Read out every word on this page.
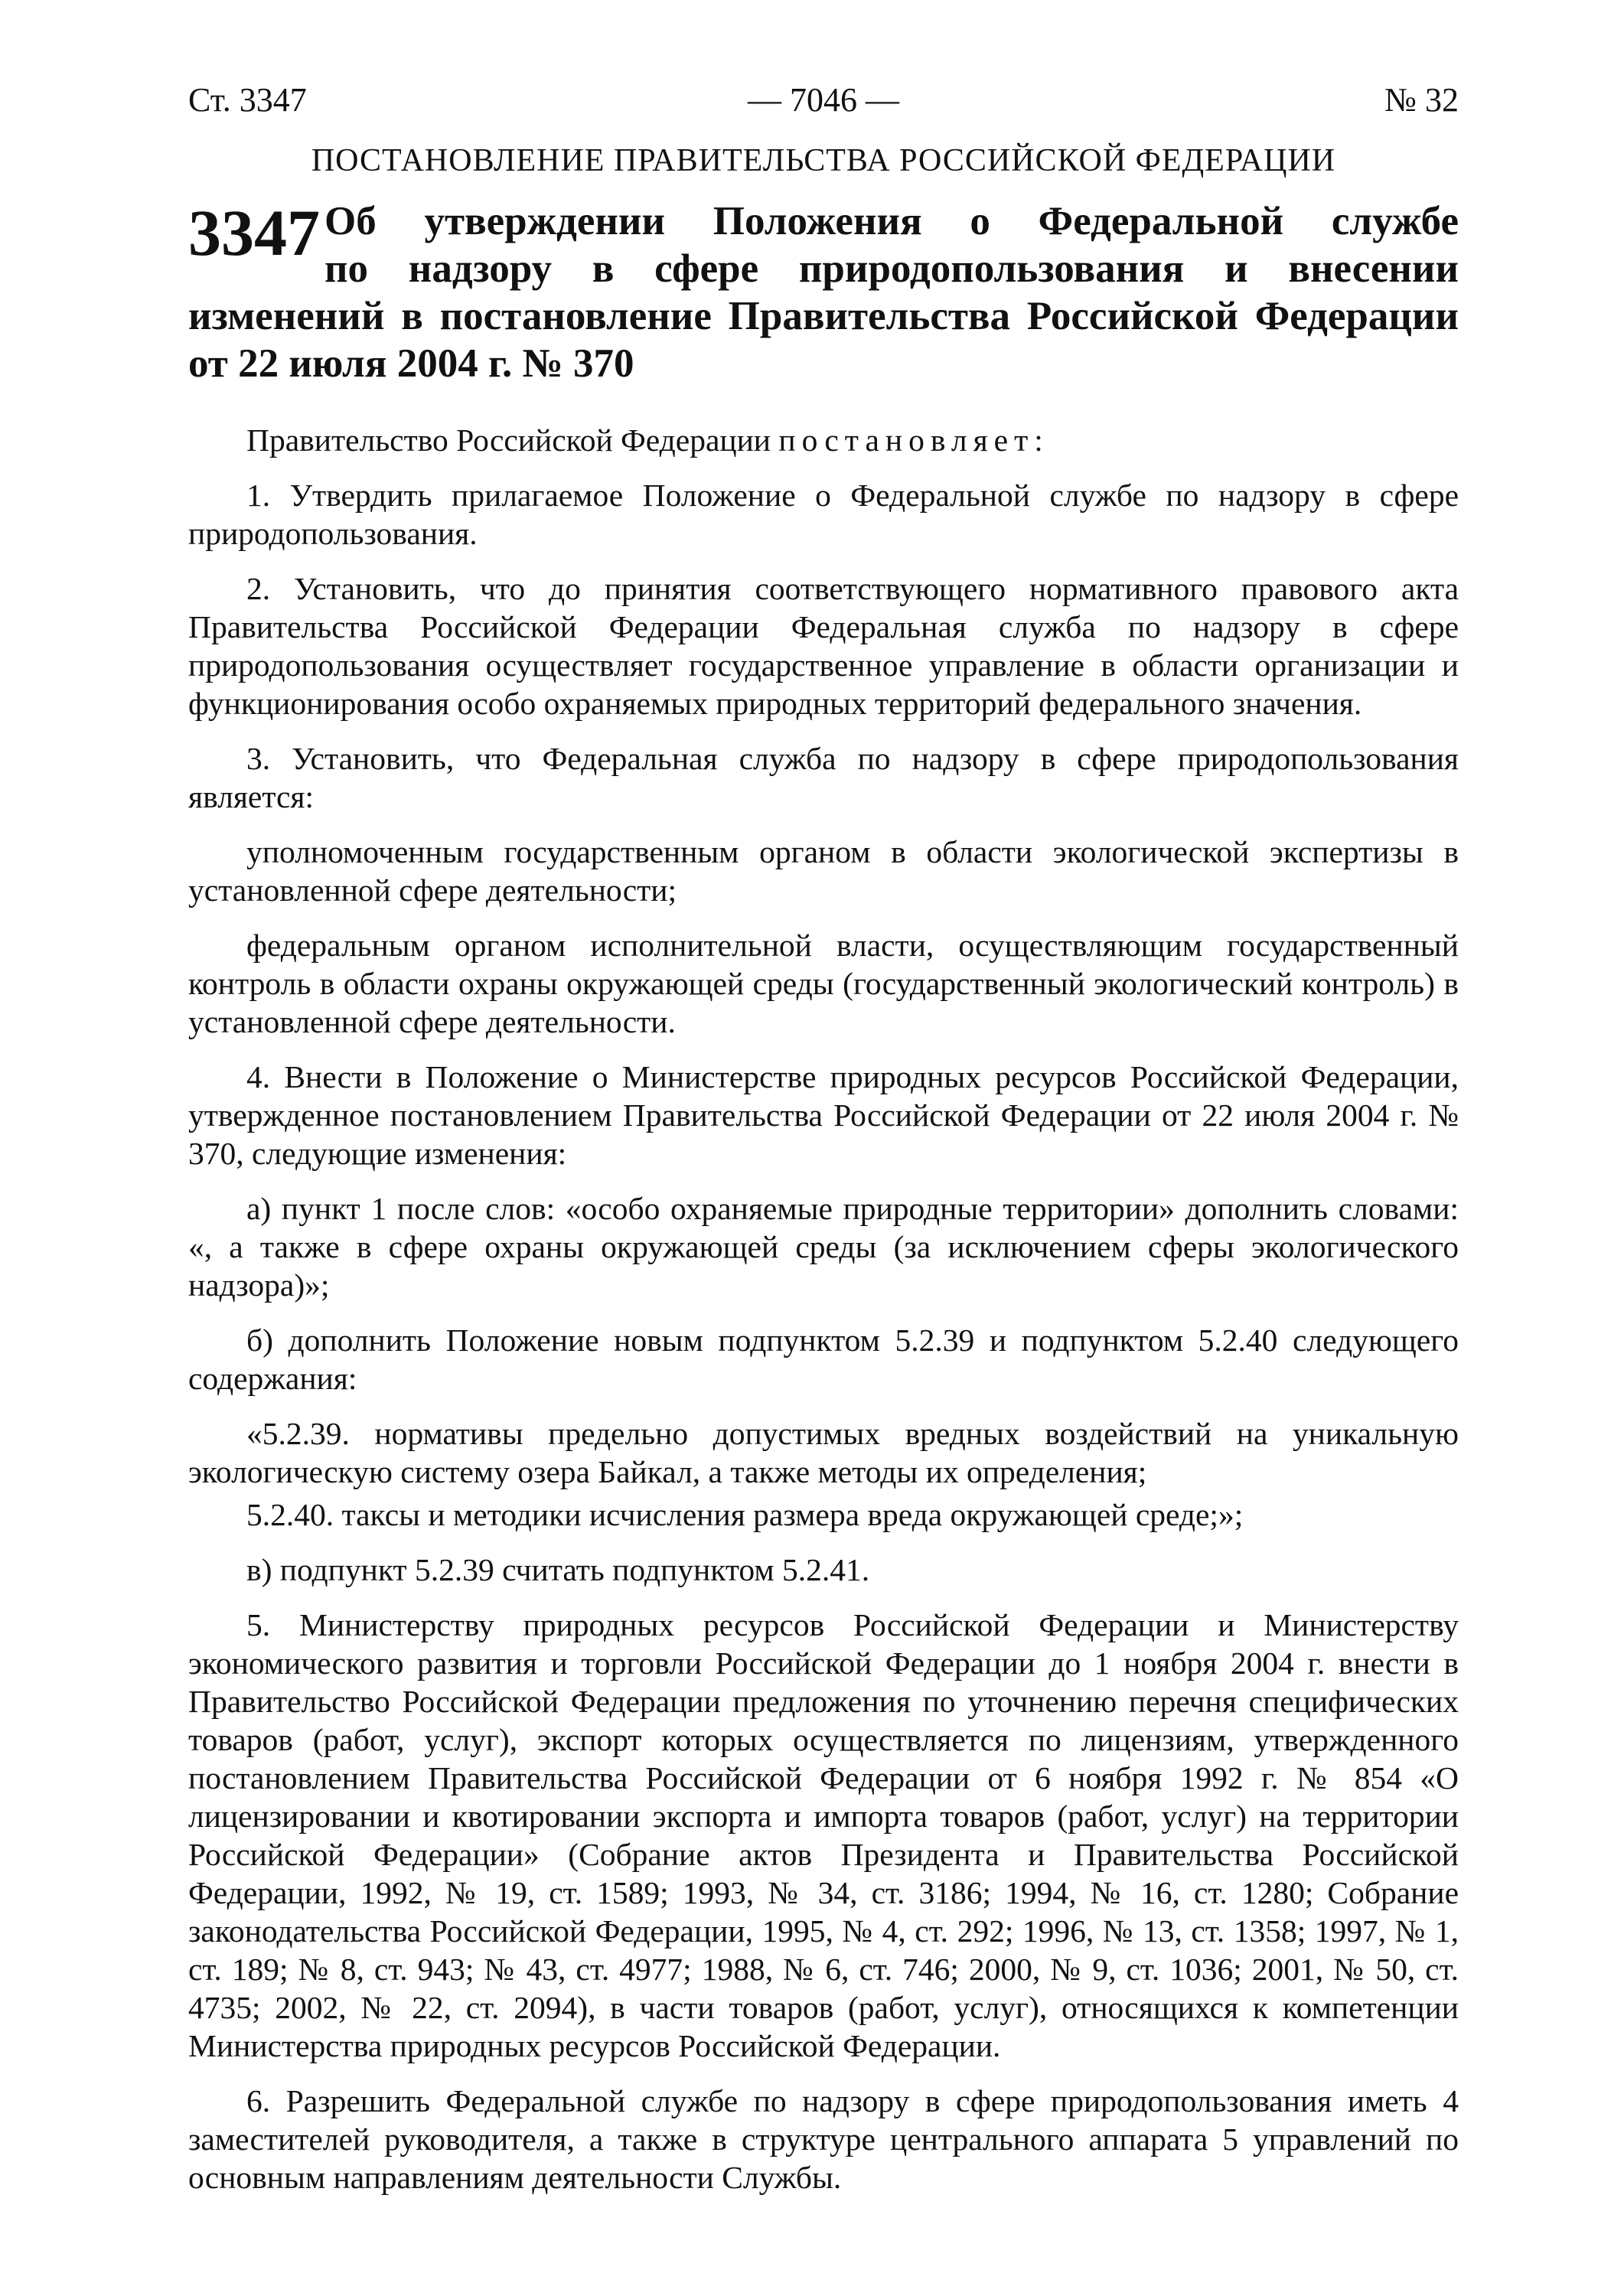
Ст. 3347	— 7046 —	№ 32
ПОСТАНОВЛЕНИЕ ПРАВИТЕЛЬСТВА РОССИЙСКОЙ ФЕДЕРАЦИИ
3347 Об утверждении Положения о Федеральной службе
по надзору в сфере природопользования и внесении
изменений в постановление Правительства Российской Федерации
от 22 июля 2004 г. № 370

Правительство Российской Федерации постановляет:

1. Утвердить прилагаемое Положение о Федеральной службе по надзору в сфере природопользования.

2. Установить, что до принятия соответствующего нормативного правового акта Правительства Российской Федерации Федеральная служба по надзору в сфере природопользования осуществляет государственное управление в области организации и функционирования особо охраняемых природных территорий федерального значения.

3. Установить, что Федеральная служба по надзору в сфере природопользования является:

уполномоченным государственным органом в области экологической экспертизы в установленной сфере деятельности;

федеральным органом исполнительной власти, осуществляющим государственный контроль в области охраны окружающей среды (государственный экологический контроль) в установленной сфере деятельности.

4. Внести в Положение о Министерстве природных ресурсов Российской Федерации, утвержденное постановлением Правительства Российской Федерации от 22 июля 2004 г. № 370, следующие изменения:

а) пункт 1 после слов: «особо охраняемые природные территории» дополнить словами: «, а также в сфере охраны окружающей среды (за исключением сферы экологического надзора)»;

б) дополнить Положение новым подпунктом 5.2.39 и подпунктом 5.2.40 следующего содержания:

«5.2.39. нормативы предельно допустимых вредных воздействий на уникальную экологическую систему озера Байкал, а также методы их определения;

5.2.40. таксы и методики исчисления размера вреда окружающей среде;»;

в) подпункт 5.2.39 считать подпунктом 5.2.41.

5. Министерству природных ресурсов Российской Федерации и Министерству экономического развития и торговли Российской Федерации до 1 ноября 2004 г. внести в Правительство Российской Федерации предложения по уточнению перечня специфических товаров (работ, услуг), экспорт которых осуществляется по лицензиям, утвержденного постановлением Правительства Российской Федерации от 6 ноября 1992 г. № 854 «О лицензировании и квотировании экспорта и импорта товаров (работ, услуг) на территории Российской Федерации» (Собрание актов Президента и Правительства Российской Федерации, 1992, № 19, ст. 1589; 1993, № 34, ст. 3186; 1994, № 16, ст. 1280; Собрание законодательства Российской Федерации, 1995, № 4, ст. 292; 1996, № 13, ст. 1358; 1997, № 1, ст. 189; № 8, ст. 943; № 43, ст. 4977; 1988, № 6, ст. 746; 2000, № 9, ст. 1036; 2001, № 50, ст. 4735; 2002, № 22, ст. 2094), в части товаров (работ, услуг), относящихся к компетенции Министерства природных ресурсов Российской Федерации.

6. Разрешить Федеральной службе по надзору в сфере природопользования иметь 4 заместителей руководителя, а также в структуре центрального аппарата 5 управлений по основным направлениям деятельности Службы.
